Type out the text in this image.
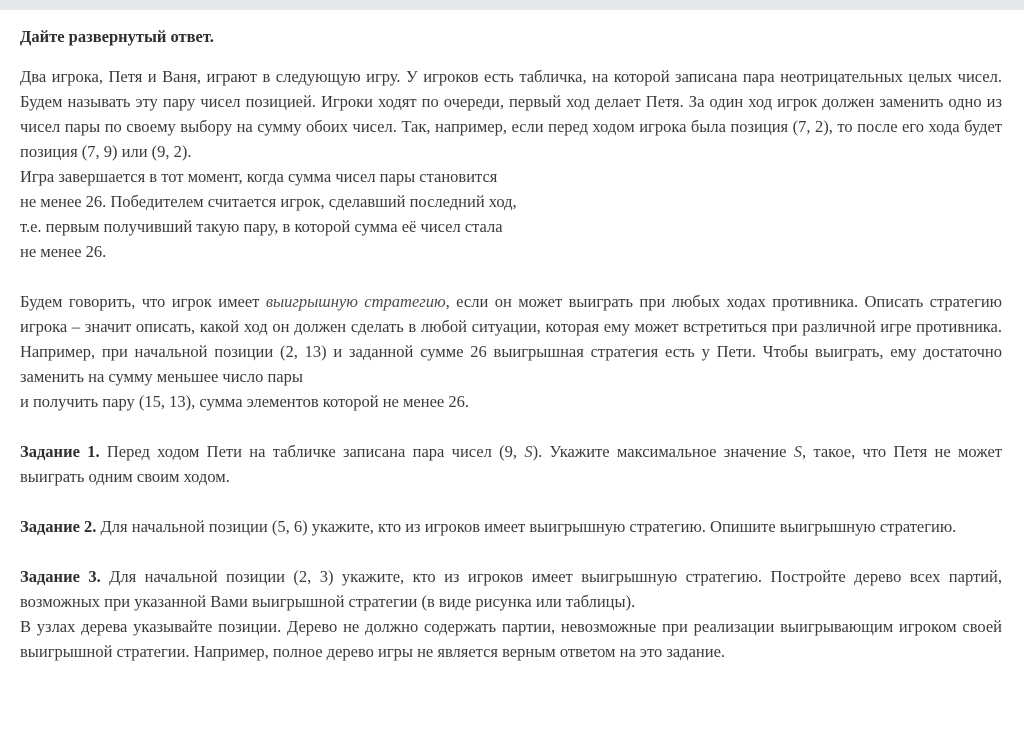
Дайте развернутый ответ.

Два игрока, Петя и Ваня, играют в следующую игру. У игроков есть табличка, на которой записана пара неотрицательных целых чисел. Будем называть эту пару чисел позицией. Игроки ходят по очереди, первый ход делает Петя. За один ход игрок должен заменить одно из чисел пары по своему выбору на сумму обоих чисел. Так, например, если перед ходом игрока была позиция (7, 2), то после его хода будет позиция (7, 9) или (9, 2).

Игра завершается в тот момент, когда сумма чисел пары становится
не менее 26. Победителем считается игрок, сделавший последний ход,
т.е. первым получивший такую пару, в которой сумма её чисел стала
не менее 26.

Будем говорить, что игрок имеет выигрышную стратегию, если он может выиграть при любых ходах противника. Описать стратегию игрока – значит описать, какой ход он должен сделать в любой ситуации, которая ему может встретиться при различной игре противника. Например, при начальной позиции (2, 13) и заданной сумме 26 выигрышная стратегия есть у Пети. Чтобы выиграть, ему достаточно заменить на сумму меньшее число пары

и получить пару (15, 13), сумма элементов которой не менее 26.

Задание 1. Перед ходом Пети на табличке записана пара чисел (9, S). Укажите максимальное значение S, такое, что Петя не может выиграть одним своим ходом.

Задание 2. Для начальной позиции (5, 6) укажите, кто из игроков имеет выигрышную стратегию. Опишите выигрышную стратегию.

Задание 3. Для начальной позиции (2, 3) укажите, кто из игроков имеет выигрышную стратегию. Постройте дерево всех партий, возможных при указанной Вами выигрышной стратегии (в виде рисунка или таблицы).

В узлах дерева указывайте позиции. Дерево не должно содержать партии, невозможные при реализации выигрывающим игроком своей выигрышной стратегии. Например, полное дерево игры не является верным ответом на это задание.
